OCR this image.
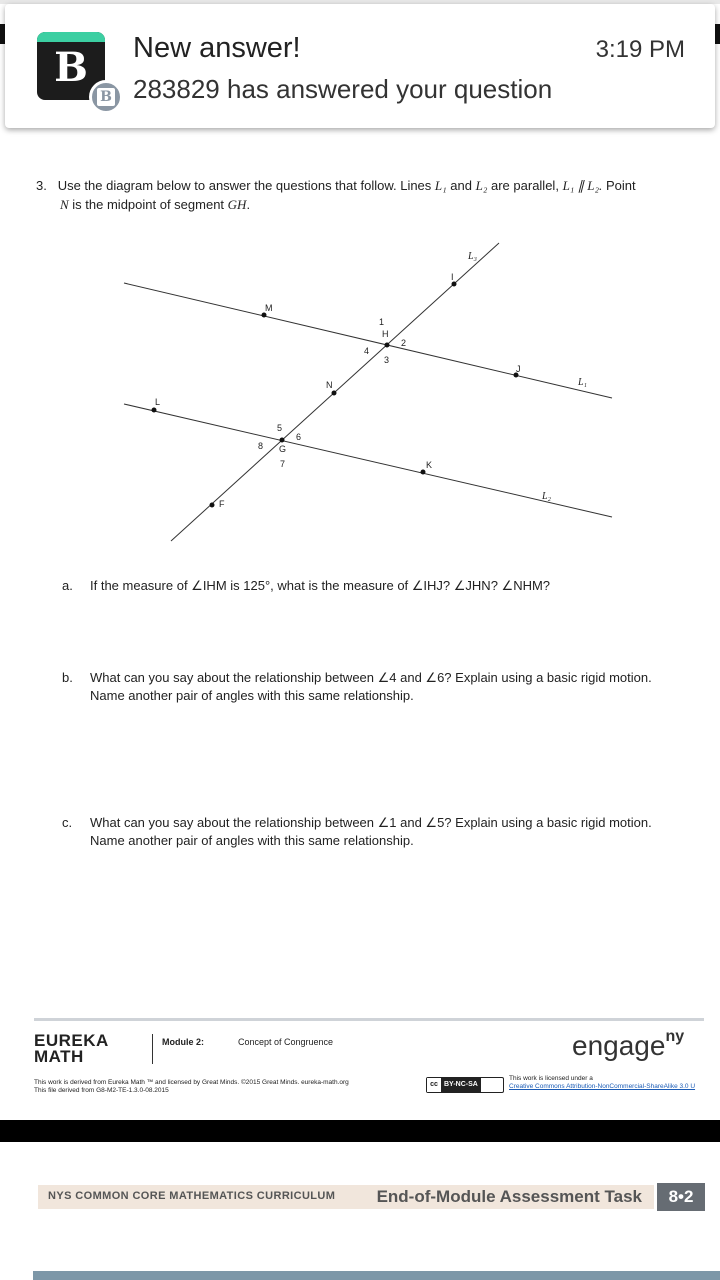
B
B
New answer!
283829 has answered your question
3:19 PM
3. Use the diagram below to answer the questions that follow. Lines L₁ and L₂ are parallel, L₁ ∥ L₂. Point
N is the midpoint of segment GH.
L₃
I
M
1
H
2
4
3
J
L₁
N
L
5
6
8 G
7	K
L₂
F
a. If the measure of ∠IHM is 125°, what is the measure of ∠IHJ? ∠JHN? ∠NHM?
b. What can you say about the relationship between ∠4 and ∠6? Explain using a basic rigid motion.
Name another pair of angles with this same relationship.
c. What can you say about the relationship between ∠1 and ∠5? Explain using a basic rigid motion.
Name another pair of angles with this same relationship.
EUREKA
MATH
Module 2:	Concept of Congruence	engage$^{ny}$
This work is derived from Eureka Math ™ and licensed by Great Minds. ©2015 Great Minds. eureka-math.org
This file derived from G8-M2-TE-1.3.0-08.2015
cc BY-NC-SA
This work is licensed under a
Creative Commons Attribution-NonCommercial-ShareAlike 3.0 U
NYS COMMON CORE MATHEMATICS CURRICULUM End-of-Module Assessment Task	8•2
